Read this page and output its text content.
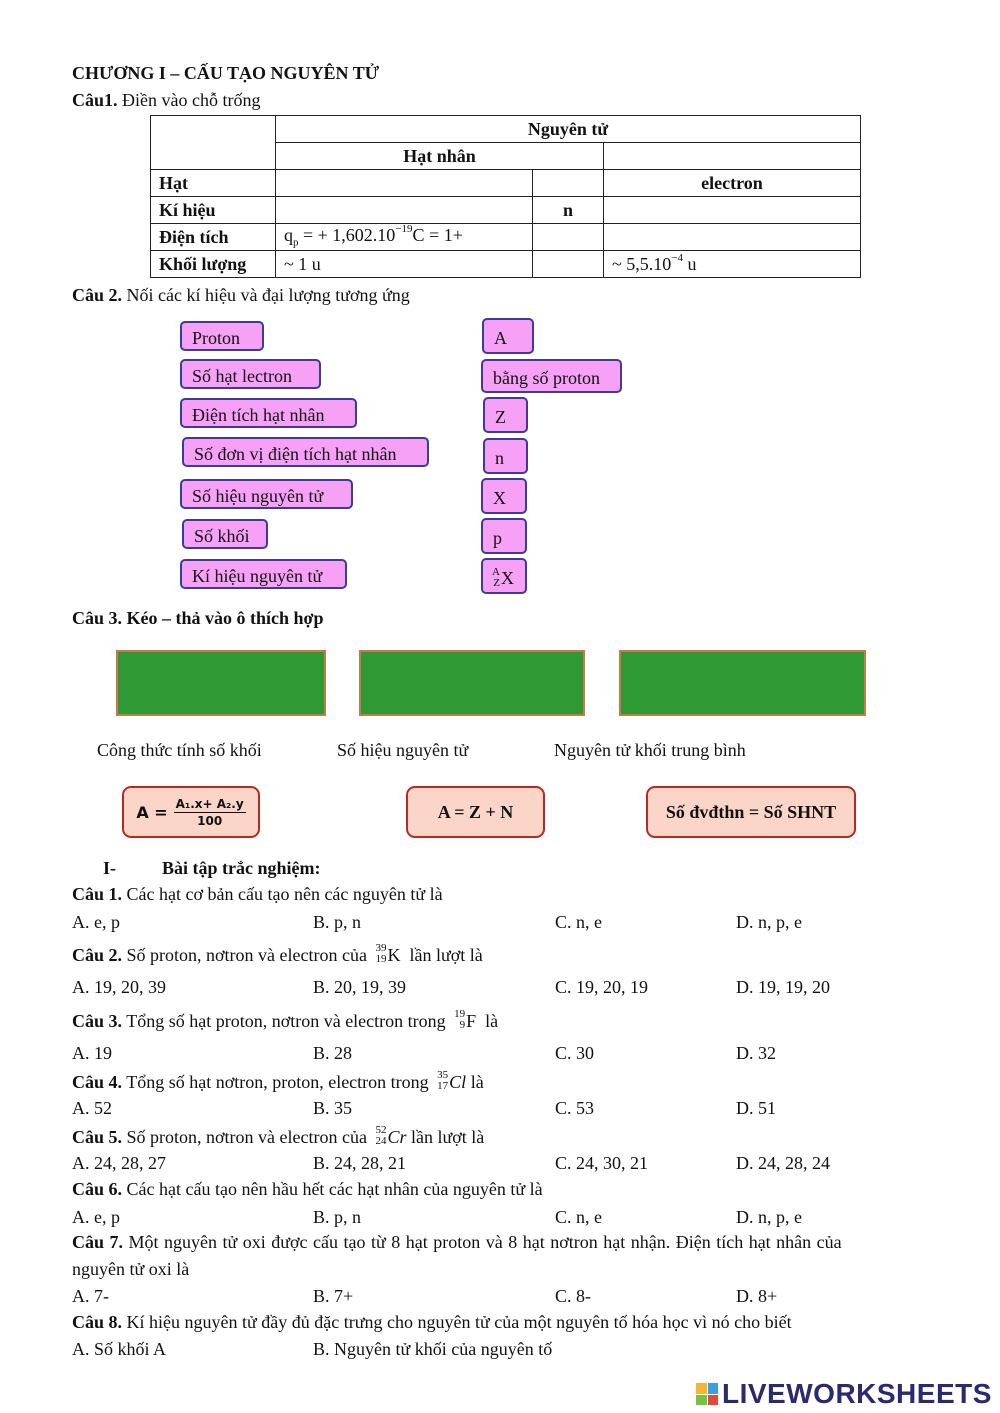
CHƯƠNG I – CẤU TẠO NGUYÊN TỬ
Câu1. Điền vào chỗ trống
	Nguyên tử		
	Hạt nhân		
Hạt			electron
Kí hiệu		n	
Điện tích	$q_p$ = + $1,602.10^{-19}C = 1+$		
Khối lượng	~ 1 u		~ $5,5.10^{-4}$ u
Câu 2. Nối các kí hiệu và đại lượng tương ứng
Proton
Số hạt lectron
Điện tích hạt nhân
Số đơn vị điện tích hạt nhân
Số hiệu nguyên tử
Số khối
Kí hiệu nguyên tử
A
bằng số proton
Z
n
X
p
A
Z X
Câu 3. Kéo – thả vào ô thích hợp
Công thức tính số khối	Số hiệu nguyên tử	Nguyên tử khối trung bình
$A = \frac{\text{A₁.x+ A₂.y}}{100}$	A = Z + N	Số đvđthn = Số SHNT
I-	Bài tập trắc nghiệm:
Câu 1. Các hạt cơ bản cấu tạo nên các nguyên tử là
A. e, p	B. p, n	C. n, e	D. n, p, e
Câu 2. Số proton, nơtron và electron của 39
19 K lần lượt là
A. 19, 20, 39	B. 20, 19, 39	C. 19, 20, 19	D. 19, 19, 20
Câu 3. Tổng số hạt proton, nơtron và electron trong 19
9 F là
A. 19	B. 28	C. 30	D. 32
Câu 4. Tổng số hạt nơtron, proton, electron trong 35
17 Cl là
A. 52	B. 35	C. 53	D. 51
Câu 5. Số proton, nơtron và electron của 52
24 Cr lần lượt là
A. 24, 28, 27	B. 24, 28, 21	C. 24, 30, 21	D. 24, 28, 24
Câu 6. Các hạt cấu tạo nên hầu hết các hạt nhân của nguyên tử là
A. e, p	B. p, n	C. n, e	D. n, p, e
Câu 7. Một nguyên tử oxi được cấu tạo từ 8 hạt proton và 8 hạt nơtron hạt nhận. Điện tích hạt nhân của
nguyên tử oxi là
A. 7-	B. 7+	C. 8-	D. 8+
Câu 8. Kí hiệu nguyên tử đầy đủ đặc trưng cho nguyên tử của một nguyên tố hóa học vì nó cho biết
A. Số khối A	B. Nguyên tử khối của nguyên tố
LIVEWORKSHEETS
